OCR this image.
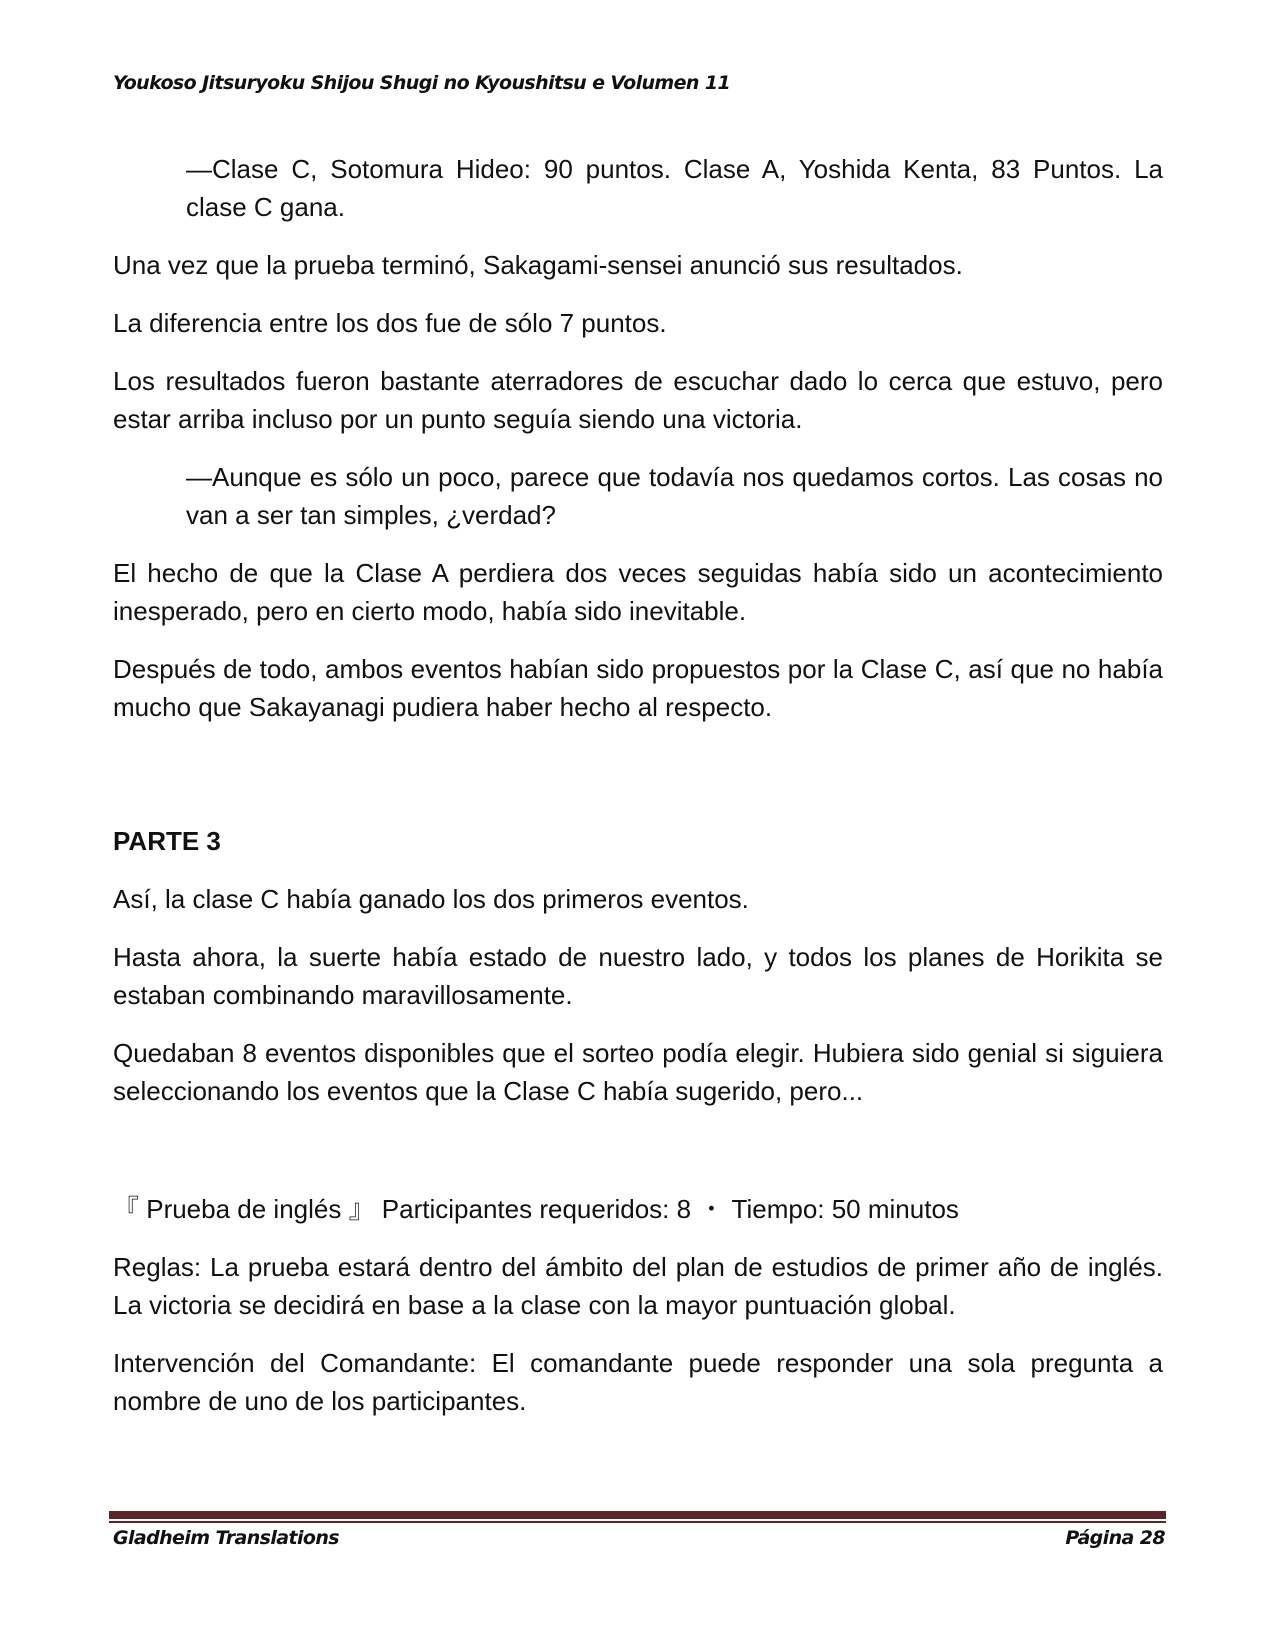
Youkoso Jitsuryoku Shijou Shugi no Kyoushitsu e Volumen 11

—Clase C, Sotomura Hideo: 90 puntos. Clase A, Yoshida Kenta, 83 Puntos. La clase C gana.

Una vez que la prueba terminó, Sakagami-sensei anunció sus resultados.

La diferencia entre los dos fue de sólo 7 puntos.

Los resultados fueron bastante aterradores de escuchar dado lo cerca que estuvo, pero estar arriba incluso por un punto seguía siendo una victoria.

—Aunque es sólo un poco, parece que todavía nos quedamos cortos. Las cosas no van a ser tan simples, ¿verdad?

El hecho de que la Clase A perdiera dos veces seguidas había sido un acontecimiento inesperado, pero en cierto modo, había sido inevitable.

Después de todo, ambos eventos habían sido propuestos por la Clase C, así que no había mucho que Sakayanagi pudiera haber hecho al respecto.

PARTE 3

Así, la clase C había ganado los dos primeros eventos.

Hasta ahora, la suerte había estado de nuestro lado, y todos los planes de Horikita se estaban combinando maravillosamente.

Quedaban 8 eventos disponibles que el sorteo podía elegir. Hubiera sido genial si siguiera seleccionando los eventos que la Clase C había sugerido, pero...

『 Prueba de inglés 』 Participantes requeridos: 8 ・ Tiempo: 50 minutos

Reglas: La prueba estará dentro del ámbito del plan de estudios de primer año de inglés. La victoria se decidirá en base a la clase con la mayor puntuación global.

Intervención del Comandante: El comandante puede responder una sola pregunta a nombre de uno de los participantes.

Gladheim Translations	Página 28
